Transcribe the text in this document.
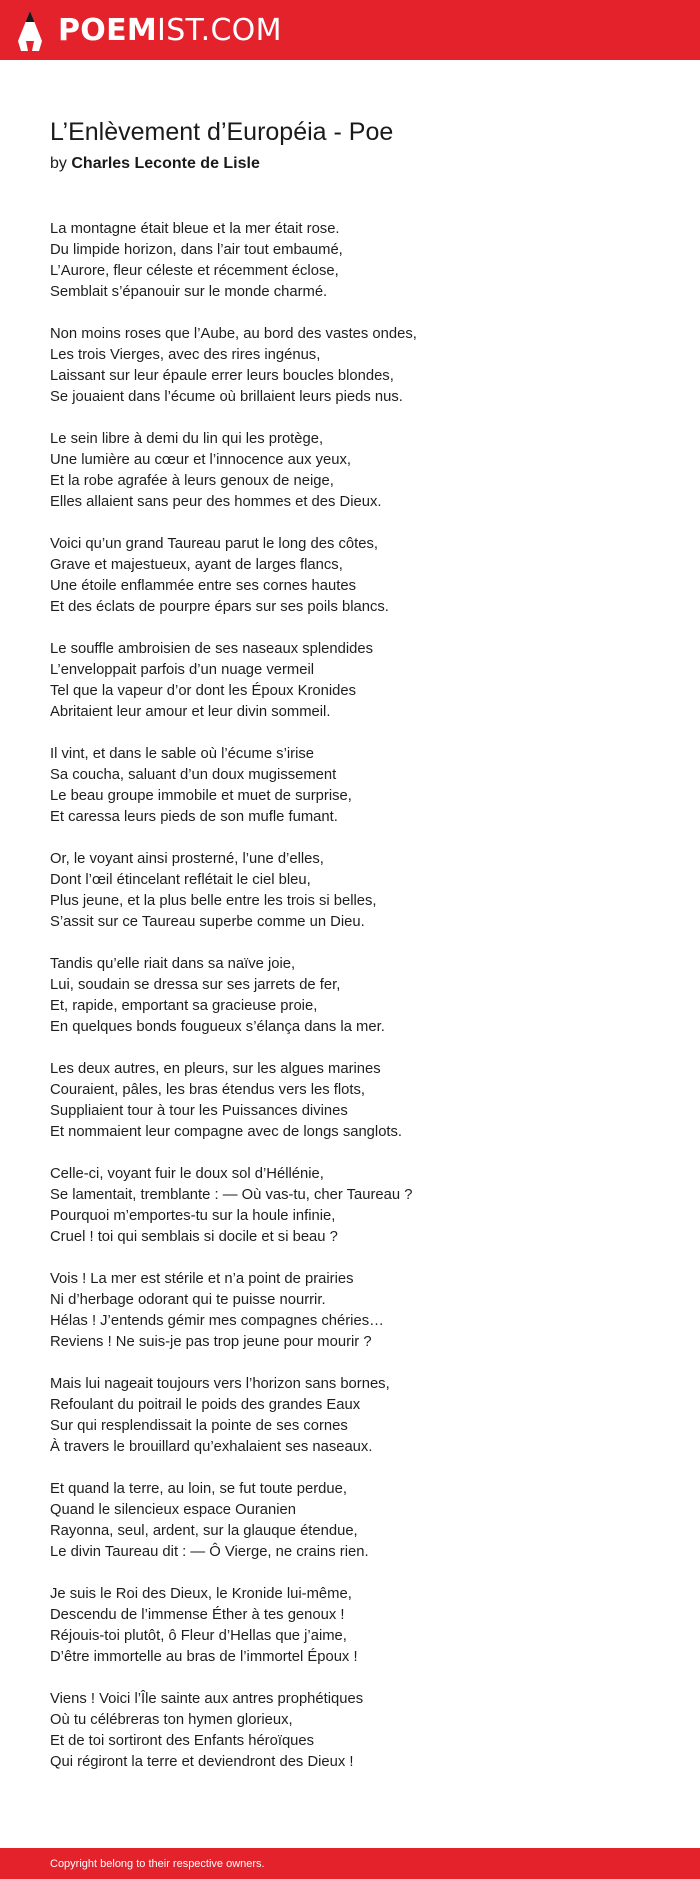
POEMIST.COM
L’Enlèvement d’Européia - Poe
by Charles Leconte de Lisle

La montagne était bleue et la mer était rose.
Du limpide horizon, dans l’air tout embaumé,
L’Aurore, fleur céleste et récemment éclose,
Semblait s’épanouir sur le monde charmé.

Non moins roses que l’Aube, au bord des vastes ondes,
Les trois Vierges, avec des rires ingénus,
Laissant sur leur épaule errer leurs boucles blondes,
Se jouaient dans l’écume où brillaient leurs pieds nus.

Le sein libre à demi du lin qui les protège,
Une lumière au cœur et l’innocence aux yeux,
Et la robe agrafée à leurs genoux de neige,
Elles allaient sans peur des hommes et des Dieux.

Voici qu’un grand Taureau parut le long des côtes,
Grave et majestueux, ayant de larges flancs,
Une étoile enflammée entre ses cornes hautes
Et des éclats de pourpre épars sur ses poils blancs.

Le souffle ambroisien de ses naseaux splendides
L’enveloppait parfois d’un nuage vermeil
Tel que la vapeur d’or dont les Époux Kronides
Abritaient leur amour et leur divin sommeil.

Il vint, et dans le sable où l’écume s’irise
Sa coucha, saluant d’un doux mugissement
Le beau groupe immobile et muet de surprise,
Et caressa leurs pieds de son mufle fumant.

Or, le voyant ainsi prosterné, l’une d’elles,
Dont l’œil étincelant reflétait le ciel bleu,
Plus jeune, et la plus belle entre les trois si belles,
S’assit sur ce Taureau superbe comme un Dieu.

Tandis qu’elle riait dans sa naïve joie,
Lui, soudain se dressa sur ses jarrets de fer,
Et, rapide, emportant sa gracieuse proie,
En quelques bonds fougueux s’élança dans la mer.

Les deux autres, en pleurs, sur les algues marines
Couraient, pâles, les bras étendus vers les flots,
Suppliaient tour à tour les Puissances divines
Et nommaient leur compagne avec de longs sanglots.

Celle-ci, voyant fuir le doux sol d’Héllénie,
Se lamentait, tremblante : — Où vas-tu, cher Taureau ?
Pourquoi m’emportes-tu sur la houle infinie,
Cruel ! toi qui semblais si docile et si beau ?

Vois ! La mer est stérile et n’a point de prairies
Ni d’herbage odorant qui te puisse nourrir.
Hélas ! J’entends gémir mes compagnes chéries…
Reviens ! Ne suis-je pas trop jeune pour mourir ?

Mais lui nageait toujours vers l’horizon sans bornes,
Refoulant du poitrail le poids des grandes Eaux
Sur qui resplendissait la pointe de ses cornes
À travers le brouillard qu’exhalaient ses naseaux.

Et quand la terre, au loin, se fut toute perdue,
Quand le silencieux espace Ouranien
Rayonna, seul, ardent, sur la glauque étendue,
Le divin Taureau dit : — Ô Vierge, ne crains rien.

Je suis le Roi des Dieux, le Kronide lui-même,
Descendu de l’immense Éther à tes genoux !
Réjouis-toi plutôt, ô Fleur d’Hellas que j’aime,
D’être immortelle au bras de l’immortel Époux !

Viens ! Voici l’Île sainte aux antres prophétiques
Où tu célébreras ton hymen glorieux,
Et de toi sortiront des Enfants héroïques
Qui régiront la terre et deviendront des Dieux !

Copyright belong to their respective owners.
